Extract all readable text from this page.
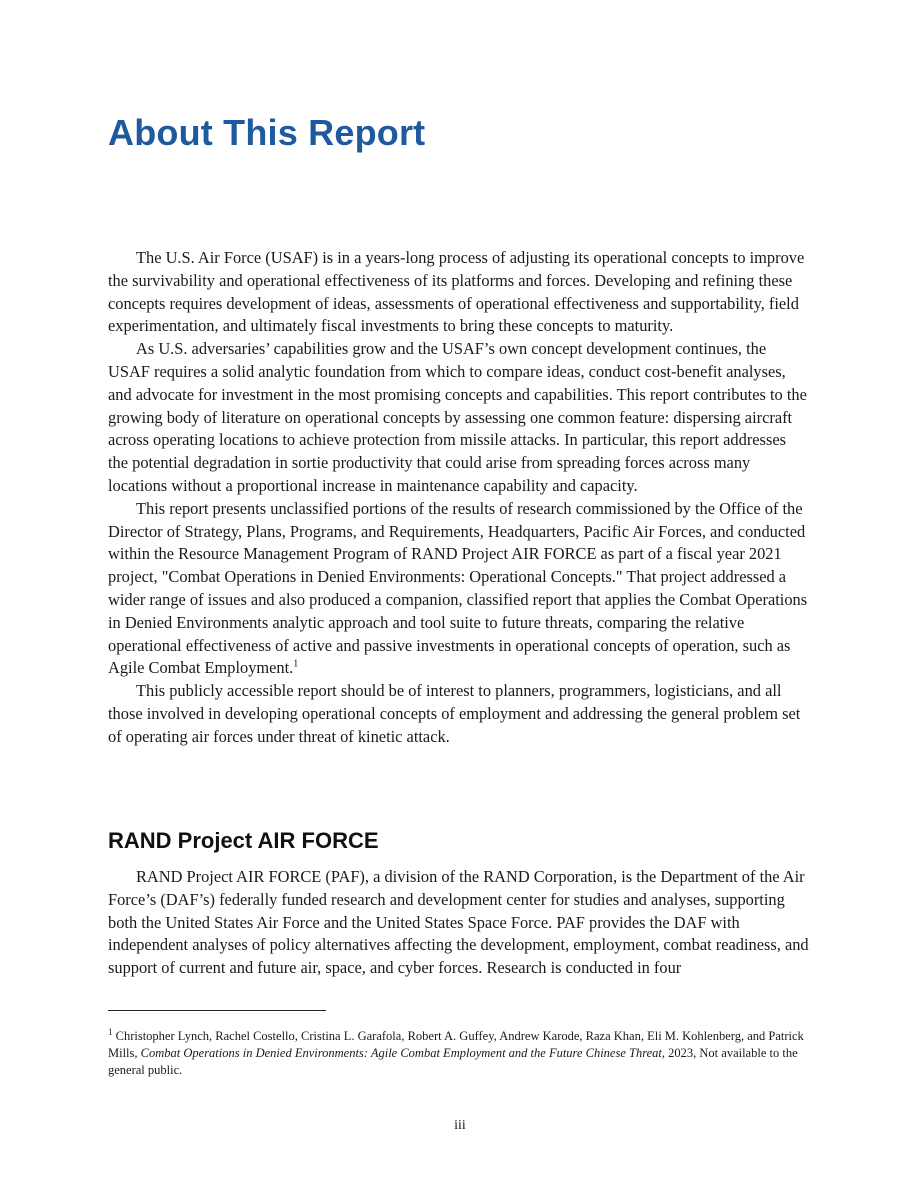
About This Report

The U.S. Air Force (USAF) is in a years-long process of adjusting its operational concepts to improve the survivability and operational effectiveness of its platforms and forces. Developing and refining these concepts requires development of ideas, assessments of operational effectiveness and supportability, field experimentation, and ultimately fiscal investments to bring these concepts to maturity.

As U.S. adversaries’ capabilities grow and the USAF’s own concept development continues, the USAF requires a solid analytic foundation from which to compare ideas, conduct cost-benefit analyses, and advocate for investment in the most promising concepts and capabilities. This report contributes to the growing body of literature on operational concepts by assessing one common feature: dispersing aircraft across operating locations to achieve protection from missile attacks. In particular, this report addresses the potential degradation in sortie productivity that could arise from spreading forces across many locations without a proportional increase in maintenance capability and capacity.

This report presents unclassified portions of the results of research commissioned by the Office of the Director of Strategy, Plans, Programs, and Requirements, Headquarters, Pacific Air Forces, and conducted within the Resource Management Program of RAND Project AIR FORCE as part of a fiscal year 2021 project, "Combat Operations in Denied Environments: Operational Concepts." That project addressed a wider range of issues and also produced a companion, classified report that applies the Combat Operations in Denied Environments analytic approach and tool suite to future threats, comparing the relative operational effectiveness of active and passive investments in operational concepts of operation, such as Agile Combat Employment.$^1$

This publicly accessible report should be of interest to planners, programmers, logisticians, and all those involved in developing operational concepts of employment and addressing the general problem set of operating air forces under threat of kinetic attack.

RAND Project AIR FORCE

RAND Project AIR FORCE (PAF), a division of the RAND Corporation, is the Department of the Air Force’s (DAF’s) federally funded research and development center for studies and analyses, supporting both the United States Air Force and the United States Space Force. PAF provides the DAF with independent analyses of policy alternatives affecting the development, employment, combat readiness, and support of current and future air, space, and cyber forces. Research is conducted in four

$^1$ Christopher Lynch, Rachel Costello, Cristina L. Garafola, Robert A. Guffey, Andrew Karode, Raza Khan, Eli M. Kohlenberg, and Patrick Mills, Combat Operations in Denied Environments: Agile Combat Employment and the Future Chinese Threat, 2023, Not available to the general public.
iii
